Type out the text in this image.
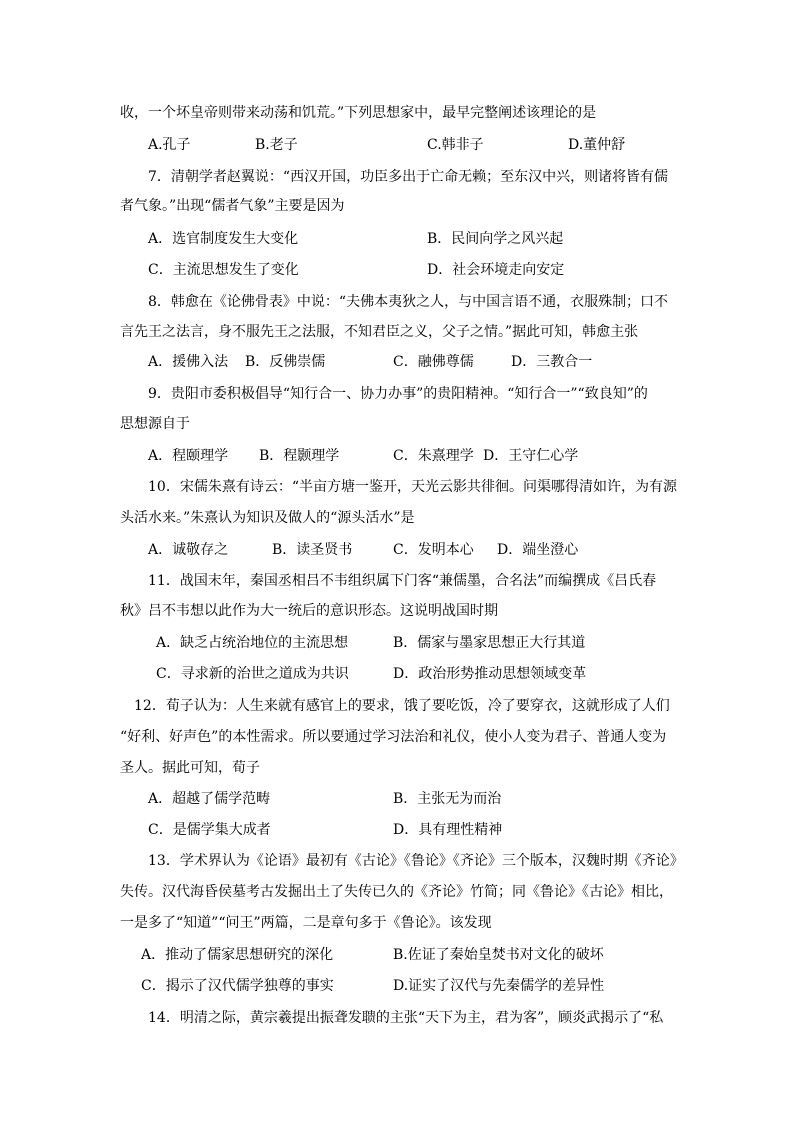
收，一个坏皇帝则带来动荡和饥荒。”下列思想家中，最早完整阐述该理论的是
A.孔子	B.老子	C.韩非子	D.董仲舒
7．清朝学者赵翼说：“西汉开国，功臣多出于亡命无赖；至东汉中兴，则诸将皆有儒
者气象。”出现“儒者气象”主要是因为
A．选官制度发生大变化	B．民间向学之风兴起
C．主流思想发生了变化	D．社会环境走向安定
8．韩愈在《论佛骨表》中说：“夫佛本夷狄之人，与中国言语不通，衣服殊制；口不
言先王之法言，身不服先王之法服，不知君臣之义，父子之情。”据此可知，韩愈主张
A．援佛入法 B．反佛崇儒	C．融佛尊儒	D．三教合一
9．贵阳市委积极倡导“知行合一、协力办事”的贵阳精神。“知行合一”“致良知”的
思想源自于
A．程颐理学 B．程颢理学	C．朱熹理学 D．王守仁心学
10．宋儒朱熹有诗云：“半亩方塘一鉴开，天光云影共徘徊。问渠哪得清如许，为有源
头活水来。”朱熹认为知识及做人的“源头活水”是
A．诚敬存之	B．读圣贤书	C．发明本心 D．端坐澄心
11．战国末年，秦国丞相吕不韦组织属下门客“兼儒墨，合名法”而编撰成《吕氏春
秋》吕不韦想以此作为大一统后的意识形态。这说明战国时期
A．缺乏占统治地位的主流思想	B．儒家与墨家思想正大行其道
C．寻求新的治世之道成为共识	D．政治形势推动思想领域变革
12．荀子认为：人生来就有感官上的要求，饿了要吃饭，冷了要穿衣，这就形成了人们
“好利、好声色”的本性需求。所以要通过学习法治和礼仪，使小人变为君子、普通人变为
圣人。据此可知，荀子
A．超越了儒学范畴	B．主张无为而治
C．是儒学集大成者	D．具有理性精神
13．学术界认为《论语》最初有《古论》《鲁论》《齐论》三个版本，汉魏时期《齐论》
失传。汉代海昏侯墓考古发掘出土了失传已久的《齐论》竹简；同《鲁论》《古论》相比，
一是多了“知道”“问王”两篇，二是章句多于《鲁论》。该发现
A．推动了儒家思想研究的深化	B.佐证了秦始皇焚书对文化的破坏
C．揭示了汉代儒学独尊的事实	D.证实了汉代与先秦儒学的差异性
14．明清之际，黄宗羲提出振聋发聩的主张“天下为主，君为客”，顾炎武揭示了“私
